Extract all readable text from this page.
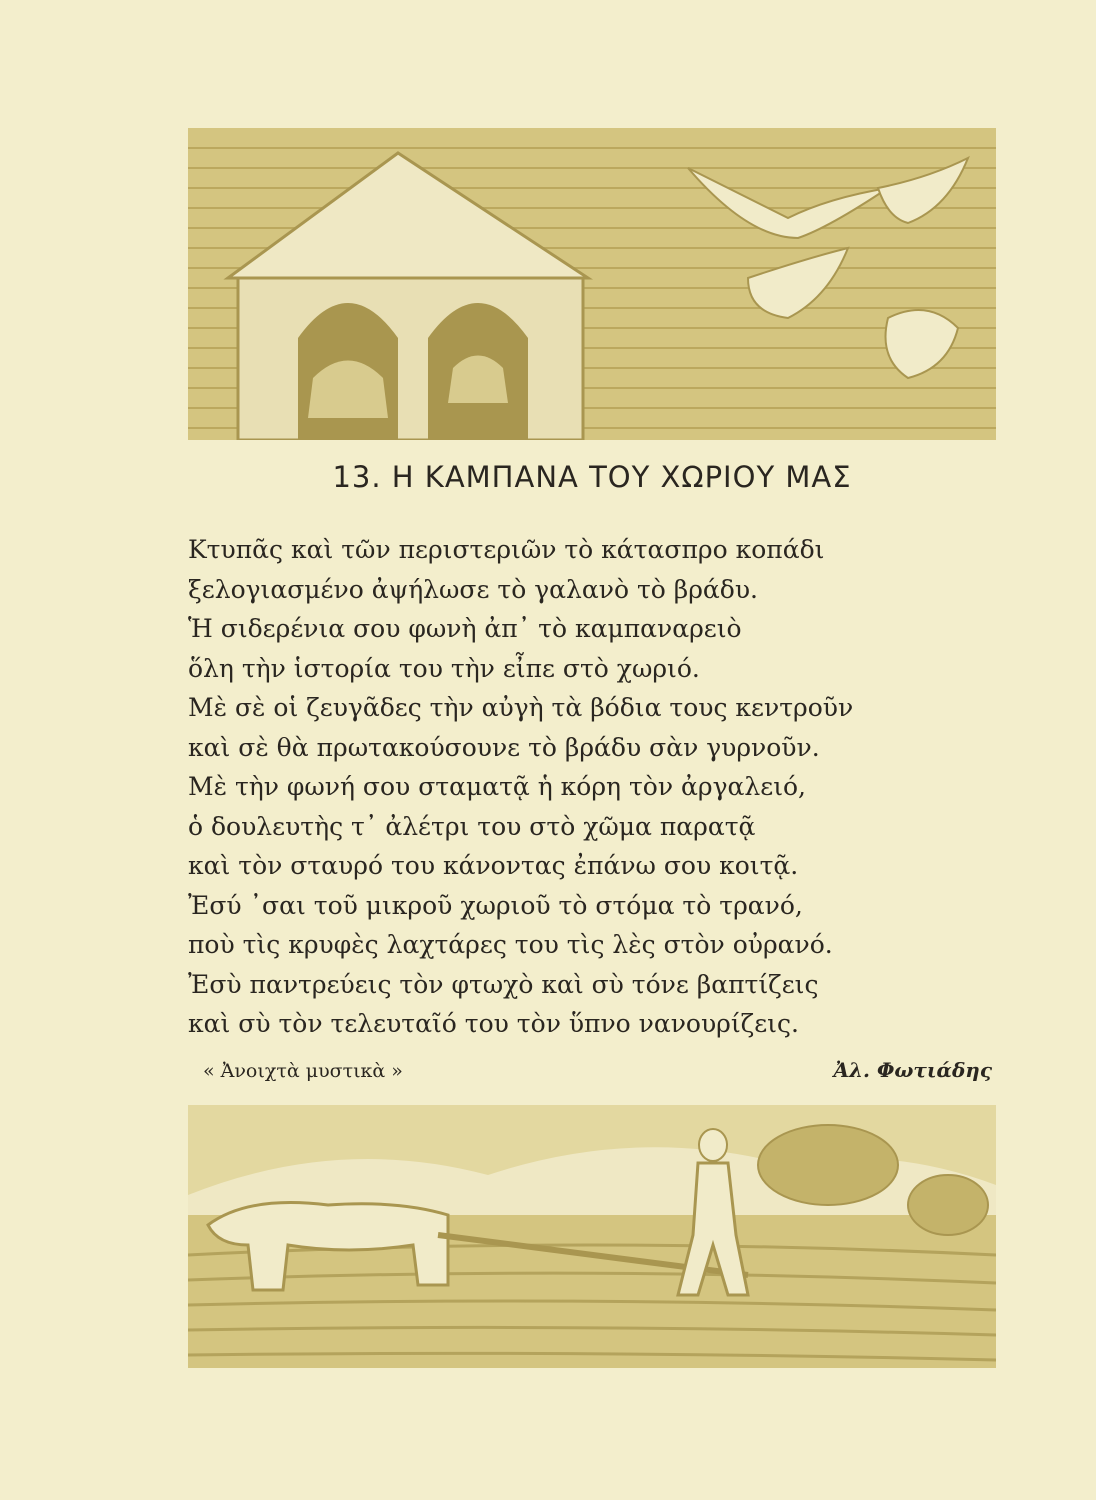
13. Η ΚΑΜΠΑΝΑ ΤΟΥ ΧΩΡΙΟΥ ΜΑΣ
Κτυπᾶς καὶ τῶν περιστεριῶν τὸ κάτασπρο κοπάδι
ξελογιασμένο ἀψήλωσε τὸ γαλανὸ τὸ βράδυ.
Ἡ σιδερένια σου φωνὴ ἀπ᾽ τὸ καμπαναρειὸ
ὅλη τὴν ἱστορία του τὴν εἶπε στὸ χωριό.
Μὲ σὲ οἱ ζευγᾶδες τὴν αὐγὴ τὰ βόδια τους κεντροῦν
καὶ σὲ θὰ πρωτακούσουνε τὸ βράδυ σὰν γυρνοῦν.
Μὲ τὴν φωνή σου σταματᾷ ἡ κόρη τὸν ἀργαλειό,
ὁ δουλευτὴς τ᾽ ἀλέτρι του στὸ χῶμα παρατᾷ
καὶ τὸν σταυρό του κάνοντας ἐπάνω σου κοιτᾷ.
Ἐσύ ᾽σαι τοῦ μικροῦ χωριοῦ τὸ στόμα τὸ τρανό,
ποὺ τὶς κρυφὲς λαχτάρες του τὶς λὲς στὸν οὐρανό.
Ἐσὺ παντρεύεις τὸν φτωχὸ καὶ σὺ τόνε βαπτίζεις
καὶ σὺ τὸν τελευταῖό του τὸν ὕπνο νανουρίζεις.
« Ἀνοιχτὰ μυστικὰ »	Ἀλ. Φωτιάδης
